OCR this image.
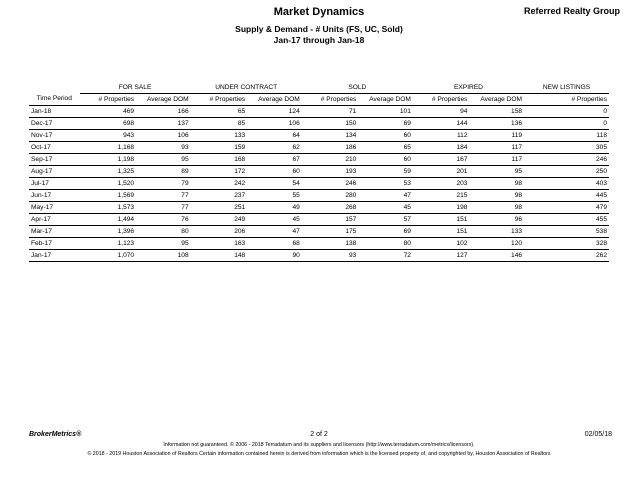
Market Dynamics	Referred Realty Group
Supply & Demand - # Units (FS, UC, Sold)
Jan-17 through Jan-18
	FOR SALE		UNDER CONTRACT		SOLD		EXPIRED		NEW LISTINGS
Time Period	# Properties	Average DOM	# Properties	Average DOM	# Properties	Average DOM	# Properties	Average DOM	# Properties
Jan-18	469	166	65	124	71	101	94	158	0
Dec-17	698	137	85	106	150	69	144	136	0
Nov-17	943	106	133	64	134	60	112	119	118
Oct-17	1,168	93	159	62	186	65	184	117	305
Sep-17	1,198	95	168	67	210	60	167	117	246
Aug-17	1,325	89	172	60	193	59	201	95	250
Jul-17	1,520	79	242	54	246	53	203	98	403
Jun-17	1,569	77	237	55	280	47	215	98	445
May-17	1,573	77	251	49	268	45	198	98	479
Apr-17	1,494	76	249	45	157	57	151	96	455
Mar-17	1,396	80	206	47	175	69	151	133	538
Feb-17	1,123	95	163	68	138	80	102	120	328
Jan-17	1,070	108	148	90	93	72	127	146	262
BrokerMetrics®	2 of 2	02/05/18
Information not guaranteed. © 2006 - 2018 Terradatum and its suppliers and licensors (http://www.terradatum.com/metrics/licensors).
© 2018 - 2019 Houston Association of Realtors Certain information contained herein is derived from information which is the licensed property of, and copyrighted by, Houston Association of Realtors
